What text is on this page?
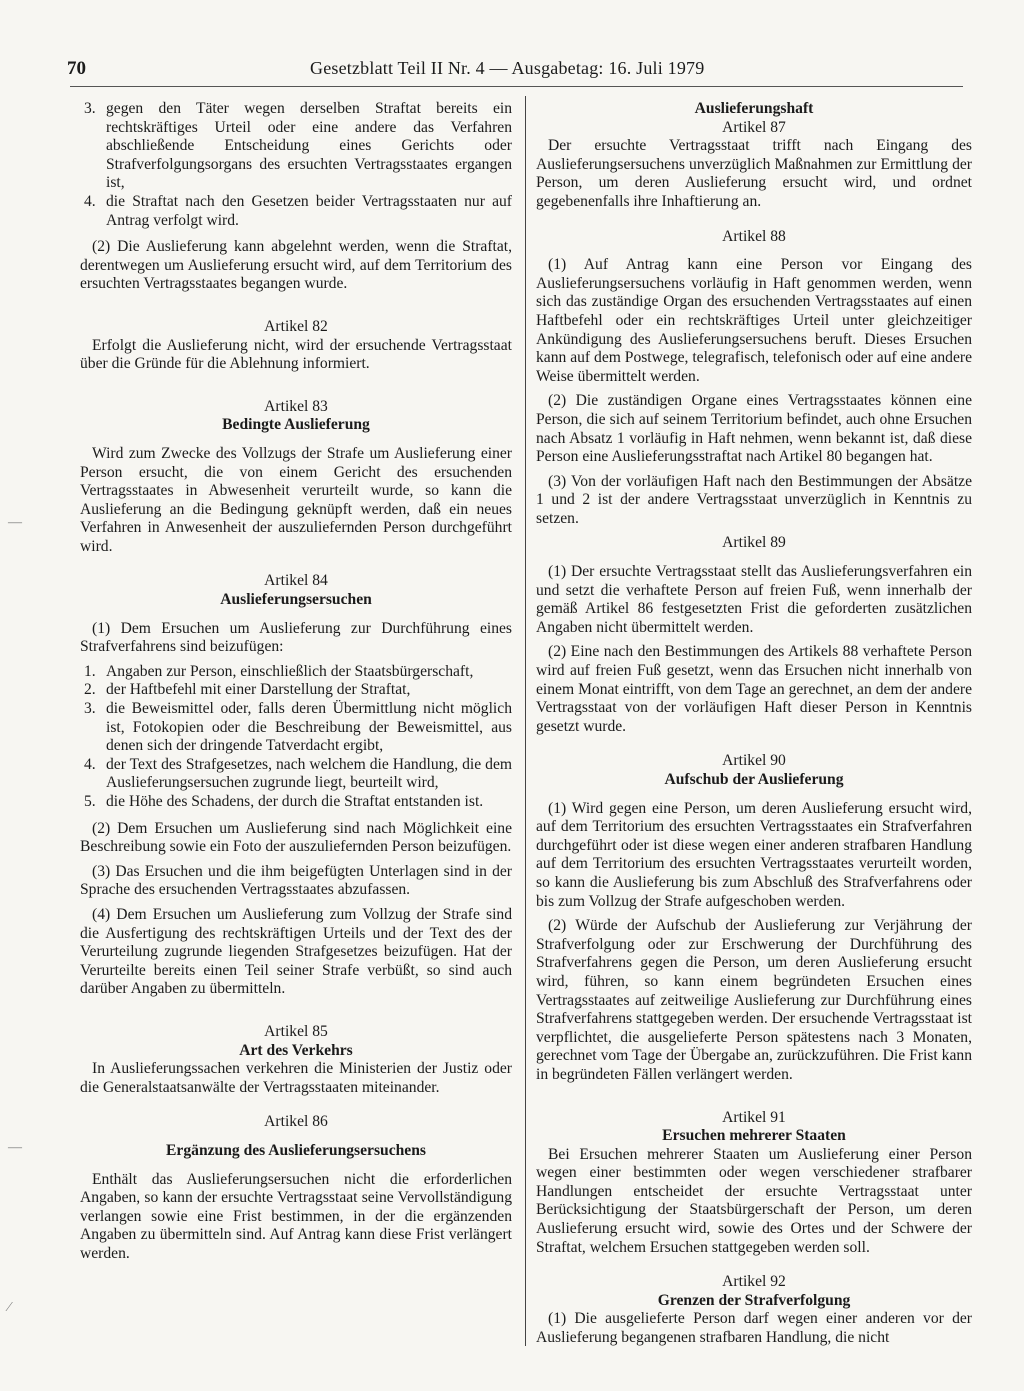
70	Gesetzblatt Teil II Nr. 4 — Ausgabetag: 16. Juli 1979
—
—
⁄
3. gegen den Täter wegen derselben Straftat bereits ein rechtskräftiges Urteil oder eine andere das Verfahren abschließende Entscheidung eines Gerichts oder Strafverfolgungsorgans des ersuchten Vertragsstaates ergangen ist,
4. die Straftat nach den Gesetzen beider Vertragsstaaten nur auf Antrag verfolgt wird.

(2) Die Auslieferung kann abgelehnt werden, wenn die Straftat, derentwegen um Auslieferung ersucht wird, auf dem Territorium des ersuchten Vertragsstaates begangen wurde.

Artikel 82

Erfolgt die Auslieferung nicht, wird der ersuchende Vertragsstaat über die Gründe für die Ablehnung informiert.

Artikel 83

Bedingte Auslieferung

Wird zum Zwecke des Vollzugs der Strafe um Auslieferung einer Person ersucht, die von einem Gericht des ersuchenden Vertragsstaates in Abwesenheit verurteilt wurde, so kann die Auslieferung an die Bedingung geknüpft werden, daß ein neues Verfahren in Anwesenheit der auszuliefernden Person durchgeführt wird.

Artikel 84

Auslieferungsersuchen

(1) Dem Ersuchen um Auslieferung zur Durchführung eines Strafverfahrens sind beizufügen:

1. Angaben zur Person, einschließlich der Staatsbürgerschaft,
2. der Haftbefehl mit einer Darstellung der Straftat,
3. die Beweismittel oder, falls deren Übermittlung nicht möglich ist, Fotokopien oder die Beschreibung der Beweismittel, aus denen sich der dringende Tatverdacht ergibt,
4. der Text des Strafgesetzes, nach welchem die Handlung, die dem Auslieferungsersuchen zugrunde liegt, beurteilt wird,
5. die Höhe des Schadens, der durch die Straftat entstanden ist.

(2) Dem Ersuchen um Auslieferung sind nach Möglichkeit eine Beschreibung sowie ein Foto der auszuliefernden Person beizufügen.

(3) Das Ersuchen und die ihm beigefügten Unterlagen sind in der Sprache des ersuchenden Vertragsstaates abzufassen.

(4) Dem Ersuchen um Auslieferung zum Vollzug der Strafe sind die Ausfertigung des rechtskräftigen Urteils und der Text des der Verurteilung zugrunde liegenden Strafgesetzes beizufügen. Hat der Verurteilte bereits einen Teil seiner Strafe verbüßt, so sind auch darüber Angaben zu übermitteln.

Artikel 85

Art des Verkehrs

In Auslieferungssachen verkehren die Ministerien der Justiz oder die Generalstaatsanwälte der Vertragsstaaten miteinander.

Artikel 86

Ergänzung des Auslieferungsersuchens

Enthält das Auslieferungsersuchen nicht die erforderlichen Angaben, so kann der ersuchte Vertragsstaat seine Vervollständigung verlangen sowie eine Frist bestimmen, in der die ergänzenden Angaben zu übermitteln sind. Auf Antrag kann diese Frist verlängert werden.

Auslieferungshaft

Artikel 87

Der ersuchte Vertragsstaat trifft nach Eingang des Auslieferungsersuchens unverzüglich Maßnahmen zur Ermittlung der Person, um deren Auslieferung ersucht wird, und ordnet gegebenenfalls ihre Inhaftierung an.

Artikel 88

(1) Auf Antrag kann eine Person vor Eingang des Auslieferungsersuchens vorläufig in Haft genommen werden, wenn sich das zuständige Organ des ersuchenden Vertragsstaates auf einen Haftbefehl oder ein rechtskräftiges Urteil unter gleichzeitiger Ankündigung des Auslieferungsersuchens beruft. Dieses Ersuchen kann auf dem Postwege, telegrafisch, telefonisch oder auf eine andere Weise übermittelt werden.

(2) Die zuständigen Organe eines Vertragsstaates können eine Person, die sich auf seinem Territorium befindet, auch ohne Ersuchen nach Absatz 1 vorläufig in Haft nehmen, wenn bekannt ist, daß diese Person eine Auslieferungsstraftat nach Artikel 80 begangen hat.

(3) Von der vorläufigen Haft nach den Bestimmungen der Absätze 1 und 2 ist der andere Vertragsstaat unverzüglich in Kenntnis zu setzen.

Artikel 89

(1) Der ersuchte Vertragsstaat stellt das Auslieferungsverfahren ein und setzt die verhaftete Person auf freien Fuß, wenn innerhalb der gemäß Artikel 86 festgesetzten Frist die geforderten zusätzlichen Angaben nicht übermittelt werden.

(2) Eine nach den Bestimmungen des Artikels 88 verhaftete Person wird auf freien Fuß gesetzt, wenn das Ersuchen nicht innerhalb von einem Monat eintrifft, von dem Tage an gerechnet, an dem der andere Vertragsstaat von der vorläufigen Haft dieser Person in Kenntnis gesetzt wurde.

Artikel 90

Aufschub der Auslieferung

(1) Wird gegen eine Person, um deren Auslieferung ersucht wird, auf dem Territorium des ersuchten Vertragsstaates ein Strafverfahren durchgeführt oder ist diese wegen einer anderen strafbaren Handlung auf dem Territorium des ersuchten Vertragsstaates verurteilt worden, so kann die Auslieferung bis zum Abschluß des Strafverfahrens oder bis zum Vollzug der Strafe aufgeschoben werden.

(2) Würde der Aufschub der Auslieferung zur Verjährung der Strafverfolgung oder zur Erschwerung der Durchführung des Strafverfahrens gegen die Person, um deren Auslieferung ersucht wird, führen, so kann einem begründeten Ersuchen eines Vertragsstaates auf zeitweilige Auslieferung zur Durchführung eines Strafverfahrens stattgegeben werden. Der ersuchende Vertragsstaat ist verpflichtet, die ausgelieferte Person spätestens nach 3 Monaten, gerechnet vom Tage der Übergabe an, zurückzuführen. Die Frist kann in begründeten Fällen verlängert werden.

Artikel 91

Ersuchen mehrerer Staaten

Bei Ersuchen mehrerer Staaten um Auslieferung einer Person wegen einer bestimmten oder wegen verschiedener strafbarer Handlungen entscheidet der ersuchte Vertragsstaat unter Berücksichtigung der Staatsbürgerschaft der Person, um deren Auslieferung ersucht wird, sowie des Ortes und der Schwere der Straftat, welchem Ersuchen stattgegeben werden soll.

Artikel 92

Grenzen der Strafverfolgung

(1) Die ausgelieferte Person darf wegen einer anderen vor der Auslieferung begangenen strafbaren Handlung, die nicht
